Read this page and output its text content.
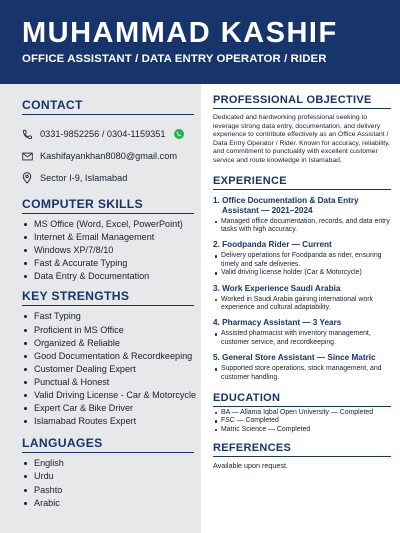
MUHAMMAD KASHIF
OFFICE ASSISTANT / DATA ENTRY OPERATOR / RIDER
CONTACT
0331-9852256 / 0304-1159351
Kashifayankhan8080@gmail.com
Sector I-9, Islamabad
COMPUTER SKILLS
MS Office (Word, Excel, PowerPoint)
Internet & Email Management
Windows XP/7/8/10
Fast & Accurate Typing
Data Entry & Documentation
KEY STRENGTHS
Fast Typing
Proficient in MS Office
Organized & Reliable
Good Documentation & Recordkeeping
Customer Dealing Expert
Punctual & Honest
Valid Driving License - Car & Motorcycle
Expert Car & Bike Driver
Islamabad Routes Expert
LANGUAGES
English
Urdu
Pashto
Arabic
PROFESSIONAL OBJECTIVE

Dedicated and hardworking professional seeking to leverage strong data entry, documentation, and delivery experience to contribute effectively as an Office Assistant / Data Entry Operator / Rider. Known for accuracy, reliability, and commitment to punctuality with excellent customer service and route knowledge in Islamabad.

EXPERIENCE
1. Office Documentation & Data Entry
Assistant — 2021–2024
Managed office documentation, records, and data entry tasks with high accuracy.
2. Foodpanda Rider — Current
Delivery operations for Foodpanda as rider, ensuring timely and safe deliveries.
Valid driving license holder (Car & Motorcycle)
3. Work Experience Saudi Arabia
Worked in Saudi Arabia gaining international work experience and cultural adaptability.
4. Pharmacy Assistant — 3 Years
Assisted pharmacist with inventory management, customer service, and recordkeeping.
5. General Store Assistant — Since Matric
Supported store operations, stock management, and customer handling.
EDUCATION
BA — Allama Iqbal Open University — Completed
FSC — Completed
Matric Science — Completed
REFERENCES
Available upon request.
